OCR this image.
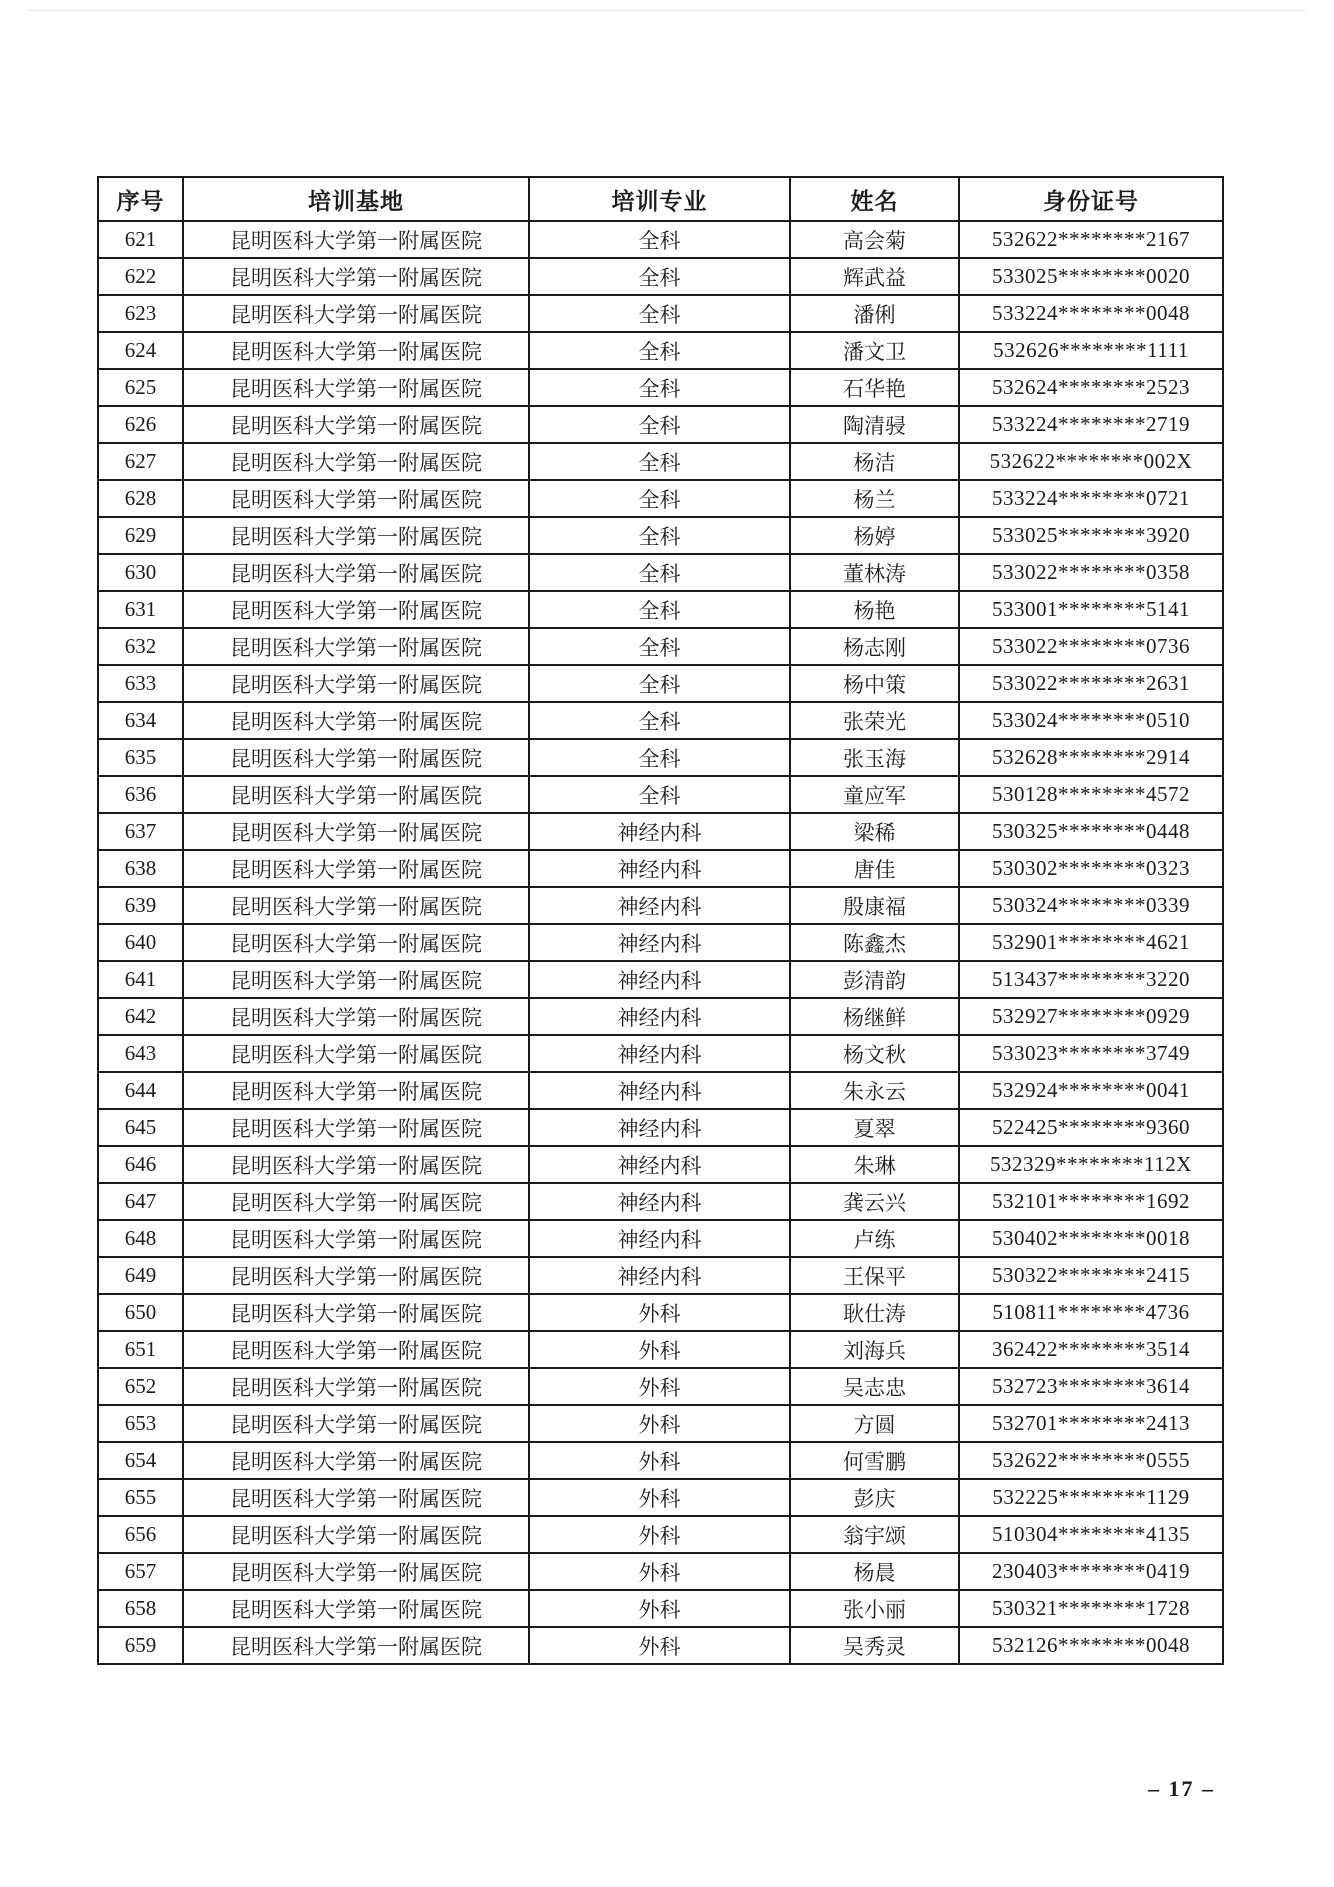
序号	培训基地	培训专业	姓名	身份证号
621	昆明医科大学第一附属医院	全科	高会菊	532622********2167
622	昆明医科大学第一附属医院	全科	辉武益	533025********0020
623	昆明医科大学第一附属医院	全科	潘俐	533224********0048
624	昆明医科大学第一附属医院	全科	潘文卫	532626********1111
625	昆明医科大学第一附属医院	全科	石华艳	532624********2523
626	昆明医科大学第一附属医院	全科	陶清骎	533224********2719
627	昆明医科大学第一附属医院	全科	杨洁	532622********002X
628	昆明医科大学第一附属医院	全科	杨兰	533224********0721
629	昆明医科大学第一附属医院	全科	杨婷	533025********3920
630	昆明医科大学第一附属医院	全科	董林涛	533022********0358
631	昆明医科大学第一附属医院	全科	杨艳	533001********5141
632	昆明医科大学第一附属医院	全科	杨志刚	533022********0736
633	昆明医科大学第一附属医院	全科	杨中策	533022********2631
634	昆明医科大学第一附属医院	全科	张荣光	533024********0510
635	昆明医科大学第一附属医院	全科	张玉海	532628********2914
636	昆明医科大学第一附属医院	全科	童应军	530128********4572
637	昆明医科大学第一附属医院	神经内科	梁稀	530325********0448
638	昆明医科大学第一附属医院	神经内科	唐佳	530302********0323
639	昆明医科大学第一附属医院	神经内科	殷康福	530324********0339
640	昆明医科大学第一附属医院	神经内科	陈鑫杰	532901********4621
641	昆明医科大学第一附属医院	神经内科	彭清韵	513437********3220
642	昆明医科大学第一附属医院	神经内科	杨继鲜	532927********0929
643	昆明医科大学第一附属医院	神经内科	杨文秋	533023********3749
644	昆明医科大学第一附属医院	神经内科	朱永云	532924********0041
645	昆明医科大学第一附属医院	神经内科	夏翠	522425********9360
646	昆明医科大学第一附属医院	神经内科	朱琳	532329********112X
647	昆明医科大学第一附属医院	神经内科	龚云兴	532101********1692
648	昆明医科大学第一附属医院	神经内科	卢练	530402********0018
649	昆明医科大学第一附属医院	神经内科	王保平	530322********2415
650	昆明医科大学第一附属医院	外科	耿仕涛	510811********4736
651	昆明医科大学第一附属医院	外科	刘海兵	362422********3514
652	昆明医科大学第一附属医院	外科	吴志忠	532723********3614
653	昆明医科大学第一附属医院	外科	方圆	532701********2413
654	昆明医科大学第一附属医院	外科	何雪鹏	532622********0555
655	昆明医科大学第一附属医院	外科	彭庆	532225********1129
656	昆明医科大学第一附属医院	外科	翁宇颂	510304********4135
657	昆明医科大学第一附属医院	外科	杨晨	230403********0419
658	昆明医科大学第一附属医院	外科	张小丽	530321********1728
659	昆明医科大学第一附属医院	外科	吴秀灵	532126********0048
– 17 –
